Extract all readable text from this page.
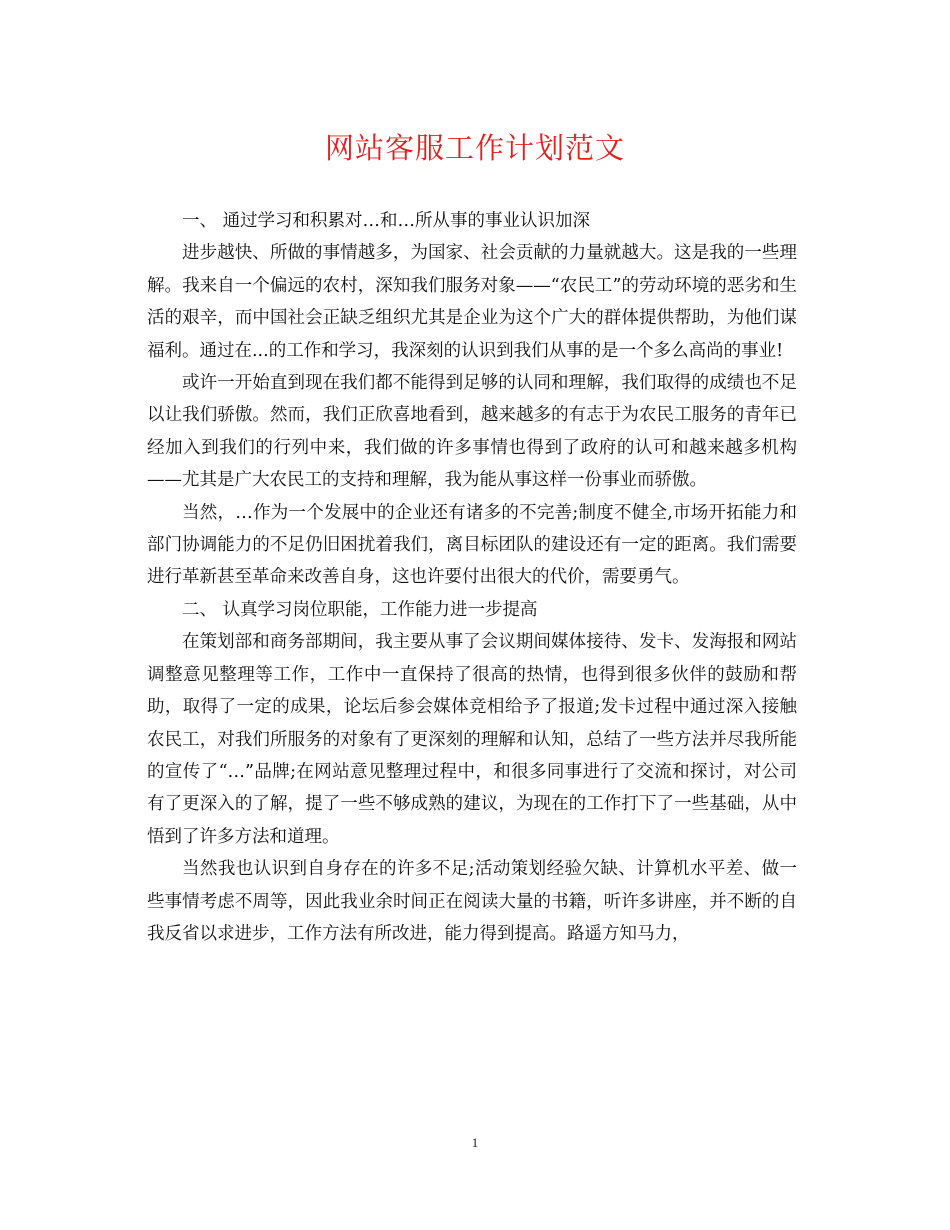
网站客服工作计划范文

一、 通过学习和积累对…和…所从事的事业认识加深

进步越快、所做的事情越多，为国家、社会贡献的力量就越大。这是我的一些理解。我来自一个偏远的农村，深知我们服务对象——“农民工”的劳动环境的恶劣和生活的艰辛，而中国社会正缺乏组织尤其是企业为这个广大的群体提供帮助，为他们谋福利。通过在...的工作和学习，我深刻的认识到我们从事的是一个多么高尚的事业!

或许一开始直到现在我们都不能得到足够的认同和理解，我们取得的成绩也不足以让我们骄傲。然而，我们正欣喜地看到，越来越多的有志于为农民工服务的青年已经加入到我们的行列中来，我们做的许多事情也得到了政府的认可和越来越多机构——尤其是广大农民工的支持和理解，我为能从事这样一份事业而骄傲。

当然，…作为一个发展中的企业还有诸多的不完善;制度不健全,市场开拓能力和部门协调能力的不足仍旧困扰着我们，离目标团队的建设还有一定的距离。我们需要进行革新甚至革命来改善自身，这也许要付出很大的代价，需要勇气。

二、 认真学习岗位职能，工作能力进一步提高

在策划部和商务部期间，我主要从事了会议期间媒体接待、发卡、发海报和网站调整意见整理等工作，工作中一直保持了很高的热情，也得到很多伙伴的鼓励和帮助，取得了一定的成果，论坛后参会媒体竞相给予了报道;发卡过程中通过深入接触农民工，对我们所服务的对象有了更深刻的理解和认知，总结了一些方法并尽我所能的宣传了“…”品牌;在网站意见整理过程中，和很多同事进行了交流和探讨，对公司有了更深入的了解，提了一些不够成熟的建议，为现在的工作打下了一些基础，从中悟到了许多方法和道理。

当然我也认识到自身存在的许多不足;活动策划经验欠缺、计算机水平差、做一些事情考虑不周等，因此我业余时间正在阅读大量的书籍，听许多讲座，并不断的自我反省以求进步，工作方法有所改进，能力得到提高。路遥方知马力，

1
